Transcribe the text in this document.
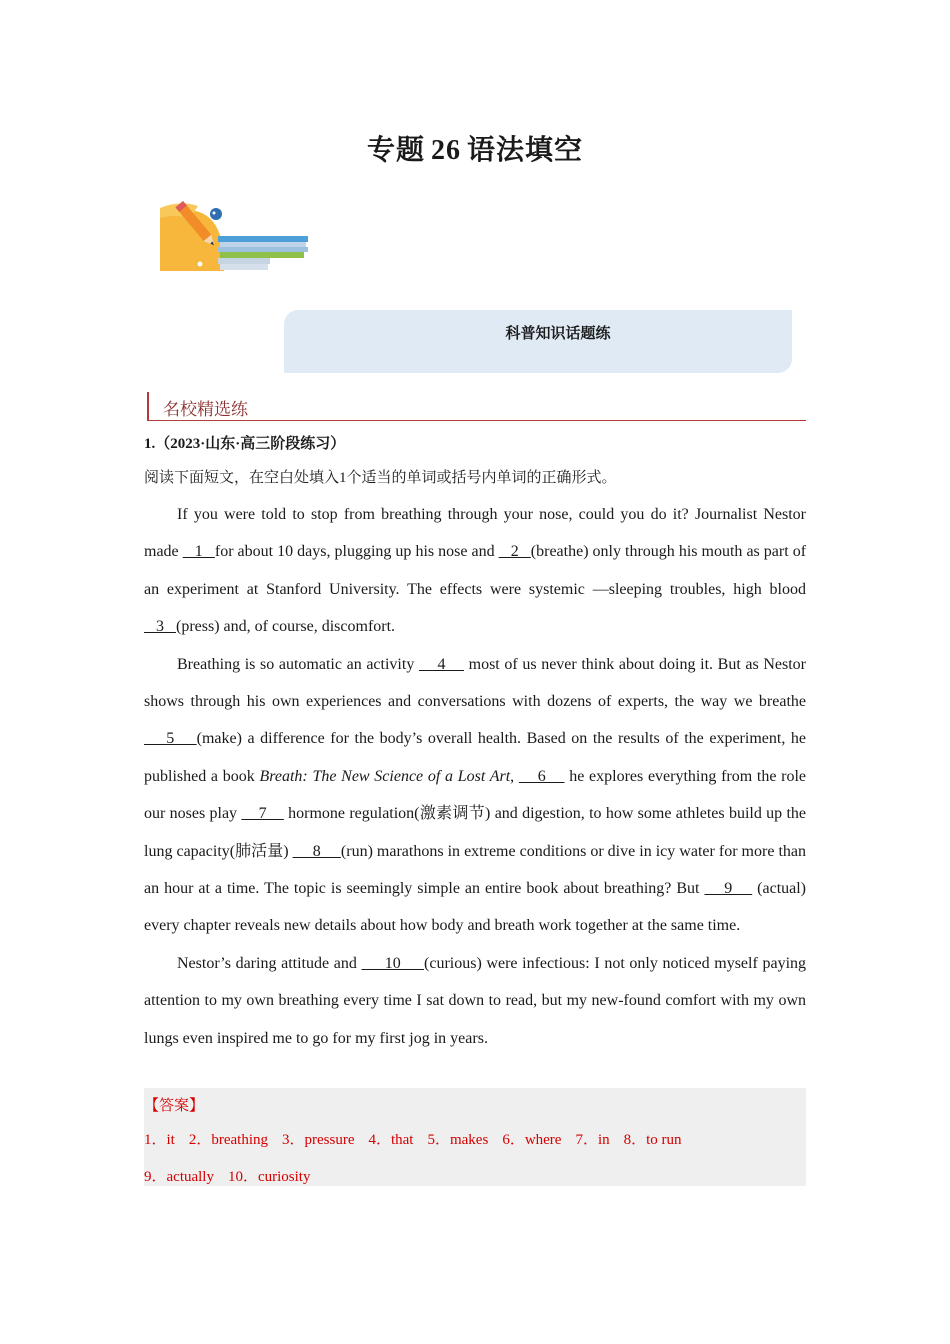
专题 26 语法填空
科普知识话题练
名校精选练
1.（2023·山东·高三阶段练习）
阅读下面短文，在空白处填入1个适当的单词或括号内单词的正确形式。

If you were told to stop from breathing through your nose, could you do it? Journalist Nestor made    1   for about 10 days, plugging up his nose and    2   (breathe) only through his mouth as part of an experiment at Stanford University. The effects were systemic —sleeping troubles, high blood    3   (press) and, of course, discomfort.

Breathing is so automatic an activity     4     most of us never think about doing it. But as Nestor shows through his own experiences and conversations with dozens of experts, the way we breathe     5    (make) a difference for the body’s overall health. Based on the results of the experiment, he published a book Breath: The New Science of a Lost Art,     6     he explores everything from the role our noses play     7     hormone regulation(激素调节) and digestion, to how some athletes build up the lung capacity(肺活量)      8     (run) marathons in extreme conditions or dive in icy water for more than an hour at a time. The topic is seemingly simple an entire book about breathing? But     9     (actual) every chapter reveals new details about how body and breath work together at the same time.

Nestor’s daring attitude and      10     (curious) were infectious: I not only noticed myself paying attention to my own breathing every time I sat down to read, but my new-found comfort with my own lungs even inspired me to go for my first jog in years.

【答案】
1．it 2．breathing 3．pressure 4．that 5．makes 6．where 7．in 8．to run
9．actually 10．curiosity
